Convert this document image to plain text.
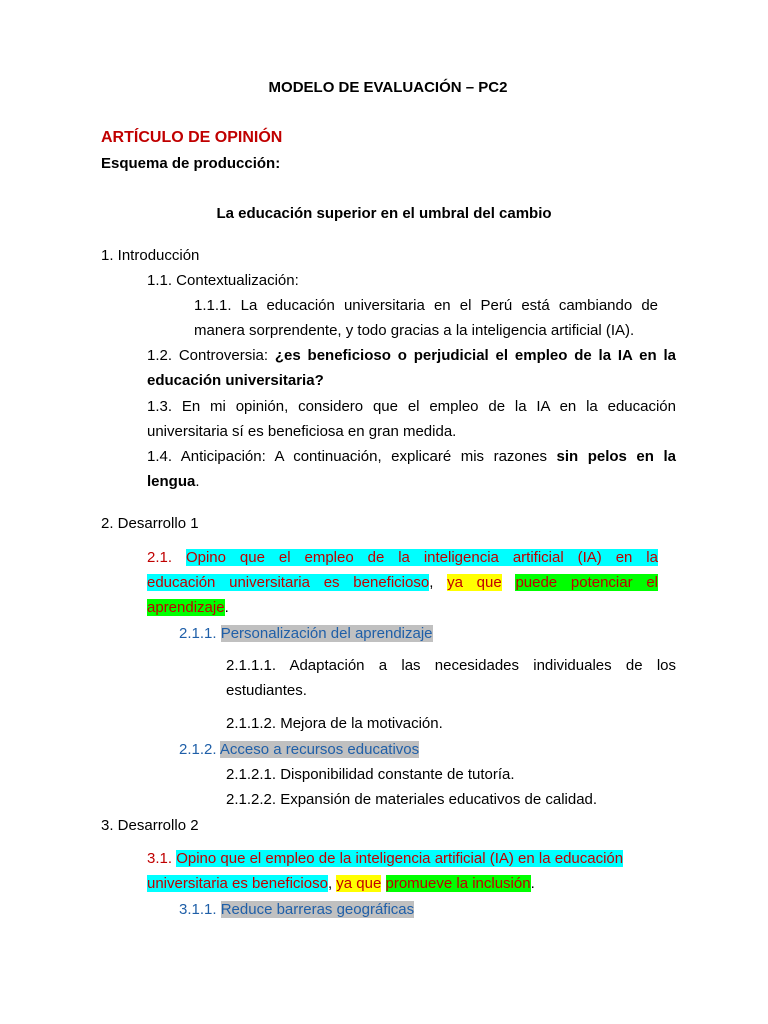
MODELO DE EVALUACIÓN – PC2
ARTÍCULO DE OPINIÓN
Esquema de producción:
La educación superior en el umbral del cambio
1. Introducción
1.1. Contextualización:
1.1.1. La educación universitaria en el Perú está cambiando de
manera sorprendente, y todo gracias a la inteligencia artificial (IA).
1.2. Controversia: ¿es beneficioso o perjudicial el empleo de la IA en la
educación universitaria?
1.3. En mi opinión, considero que el empleo de la IA en la educación
universitaria sí es beneficiosa en gran medida.
1.4. Anticipación: A continuación, explicaré mis razones sin pelos en la
lengua.
2. Desarrollo 1
2.1. Opino que el empleo de la inteligencia artificial (IA) en la
educación universitaria es beneficioso, ya que puede potenciar el
aprendizaje.
2.1.1. Personalización del aprendizaje
2.1.1.1. Adaptación a las necesidades individuales de los
estudiantes.
2.1.1.2. Mejora de la motivación.
2.1.2. Acceso a recursos educativos
2.1.2.1. Disponibilidad constante de tutoría.
2.1.2.2. Expansión de materiales educativos de calidad.
3. Desarrollo 2
3.1. Opino que el empleo de la inteligencia artificial (IA) en la educación
universitaria es beneficioso, ya que promueve la inclusión.
3.1.1. Reduce barreras geográficas
